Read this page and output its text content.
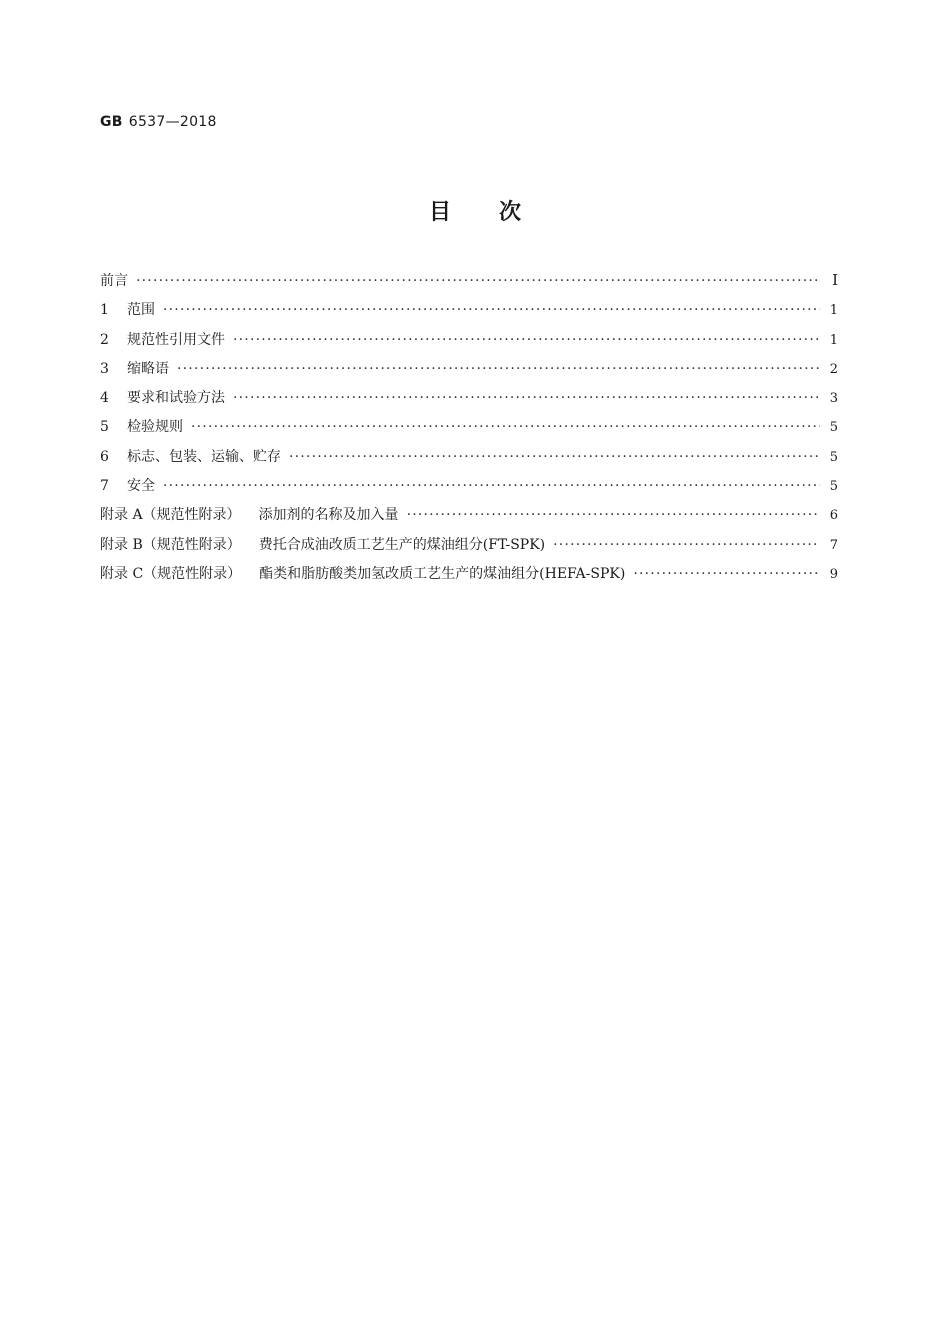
GB 6537—2018
目次
前言 ·····	Ⅰ
1	范围 ·····	1
2	规范性引用文件 ·····	1
3	缩略语 ·····	2
4	要求和试验方法 ·····	3
5	检验规则 ·····	5
6	标志、包装、运输、贮存 ·····	5
7	安全 ·····	5
附录 A（规范性附录） 添加剂的名称及加入量 ·····	6
附录 B（规范性附录） 费托合成油改质工艺生产的煤油组分(FT-SPK) ·····	7
附录 C（规范性附录） 酯类和脂肪酸类加氢改质工艺生产的煤油组分(HEFA-SPK) ·····	9
